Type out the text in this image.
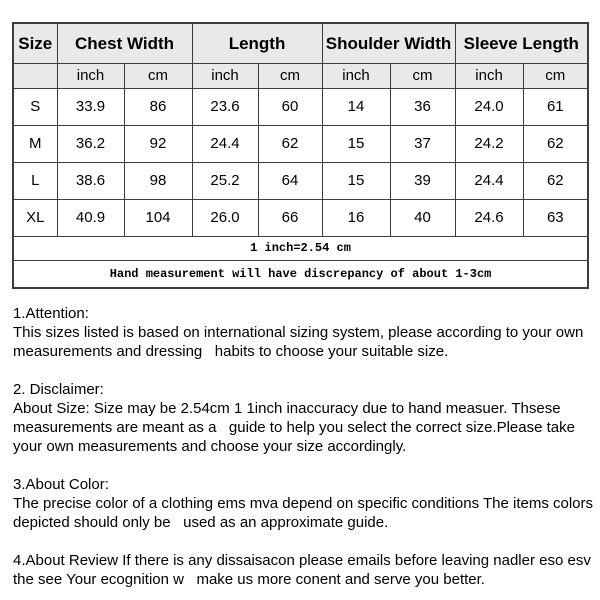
Size	Chest Width		Length		Shoulder Width		Sleeve Length	
	inch	cm	inch	cm	inch	cm	inch	cm
S	33.9	86	23.6	60	14	36	24.0	61
M	36.2	92	24.4	62	15	37	24.2	62
L	38.6	98	25.2	64	15	39	24.4	62
XL	40.9	104	26.0	66	16	40	24.6	63
1 inch=2.54 cm								
Hand measurement will have discrepancy of about 1-3cm								
1.Attention:
This sizes listed is based on international sizing system, please according to your own measurements and dressing   habits to choose your suitable size.
2. Disclaimer:
About Size: Size may be 2.54cm 1 1inch inaccuracy due to hand measuer. Thsese measurements are meant as a   guide to help you select the correct size.Please take your own measurements and choose your size accordingly.
3.About Color:
The precise color of a clothing ems mva depend on specific conditions The items colors depicted should only be   used as an approximate guide.
4.About Review If there is any dissaisacon please emails before leaving nadler eso esv the see Your ecognition w   make us more conent and serve you better.
